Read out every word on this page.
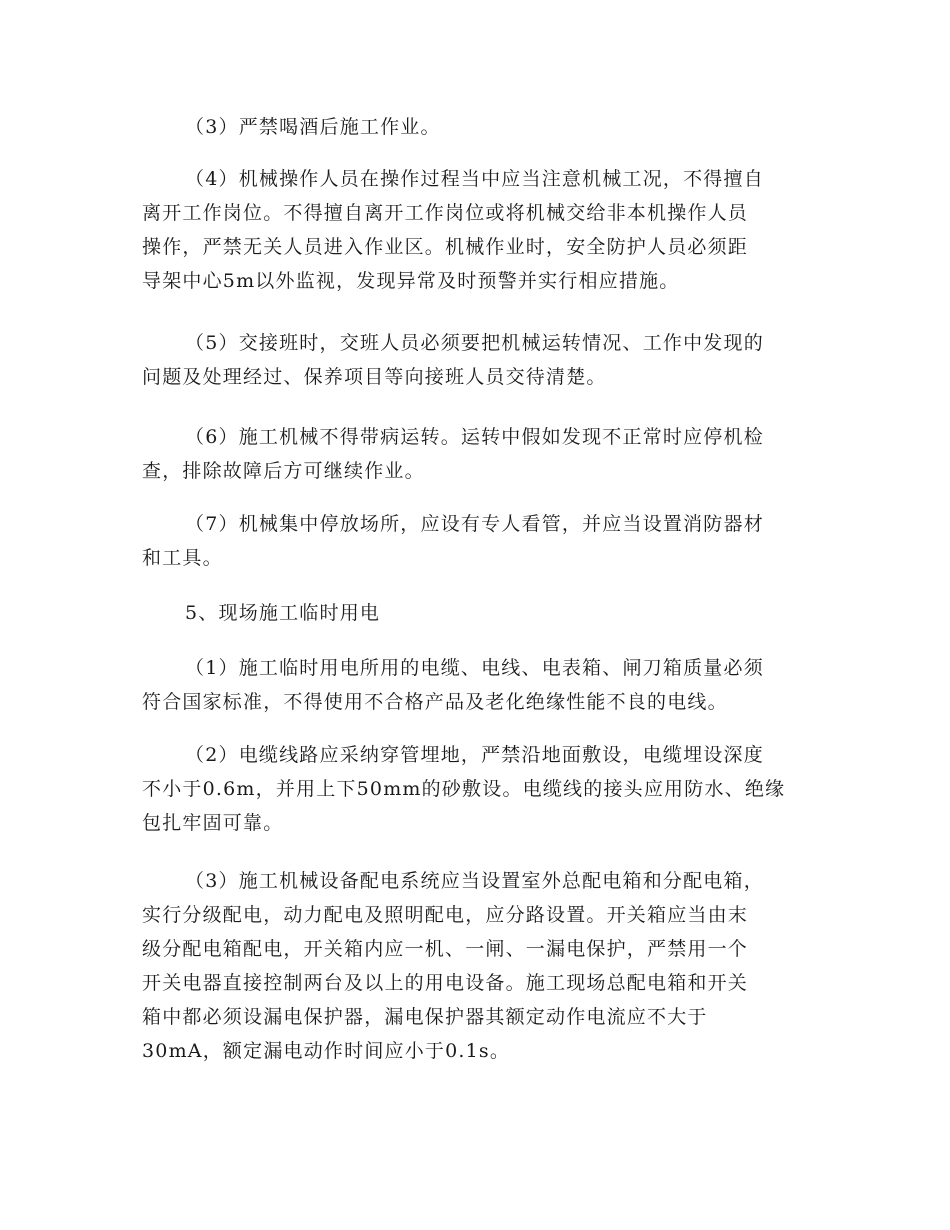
（3）严禁喝酒后施工作业。

（4）机械操作人员在操作过程当中应当注意机械工况，不得擅自
离开工作岗位。不得擅自离开工作岗位或将机械交给非本机操作人员
操作，严禁无关人员进入作业区。机械作业时，安全防护人员必须距
导架中心5m以外监视，发现异常及时预警并实行相应措施。

（5）交接班时，交班人员必须要把机械运转情况、工作中发现的
问题及处理经过、保养项目等向接班人员交待清楚。

（6）施工机械不得带病运转。运转中假如发现不正常时应停机检
查，排除故障后方可继续作业。

（7）机械集中停放场所，应设有专人看管，并应当设置消防器材
和工具。

5、现场施工临时用电

（1）施工临时用电所用的电缆、电线、电表箱、闸刀箱质量必须
符合国家标准，不得使用不合格产品及老化绝缘性能不良的电线。

（2）电缆线路应采纳穿管埋地，严禁沿地面敷设，电缆埋设深度
不小于0.6m，并用上下50mm的砂敷设。电缆线的接头应用防水、绝缘
包扎牢固可靠。

（3）施工机械设备配电系统应当设置室外总配电箱和分配电箱，
实行分级配电，动力配电及照明配电，应分路设置。开关箱应当由末
级分配电箱配电，开关箱内应一机、一闸、一漏电保护，严禁用一个
开关电器直接控制两台及以上的用电设备。施工现场总配电箱和开关
箱中都必须设漏电保护器，漏电保护器其额定动作电流应不大于
30mA，额定漏电动作时间应小于0.1s。
